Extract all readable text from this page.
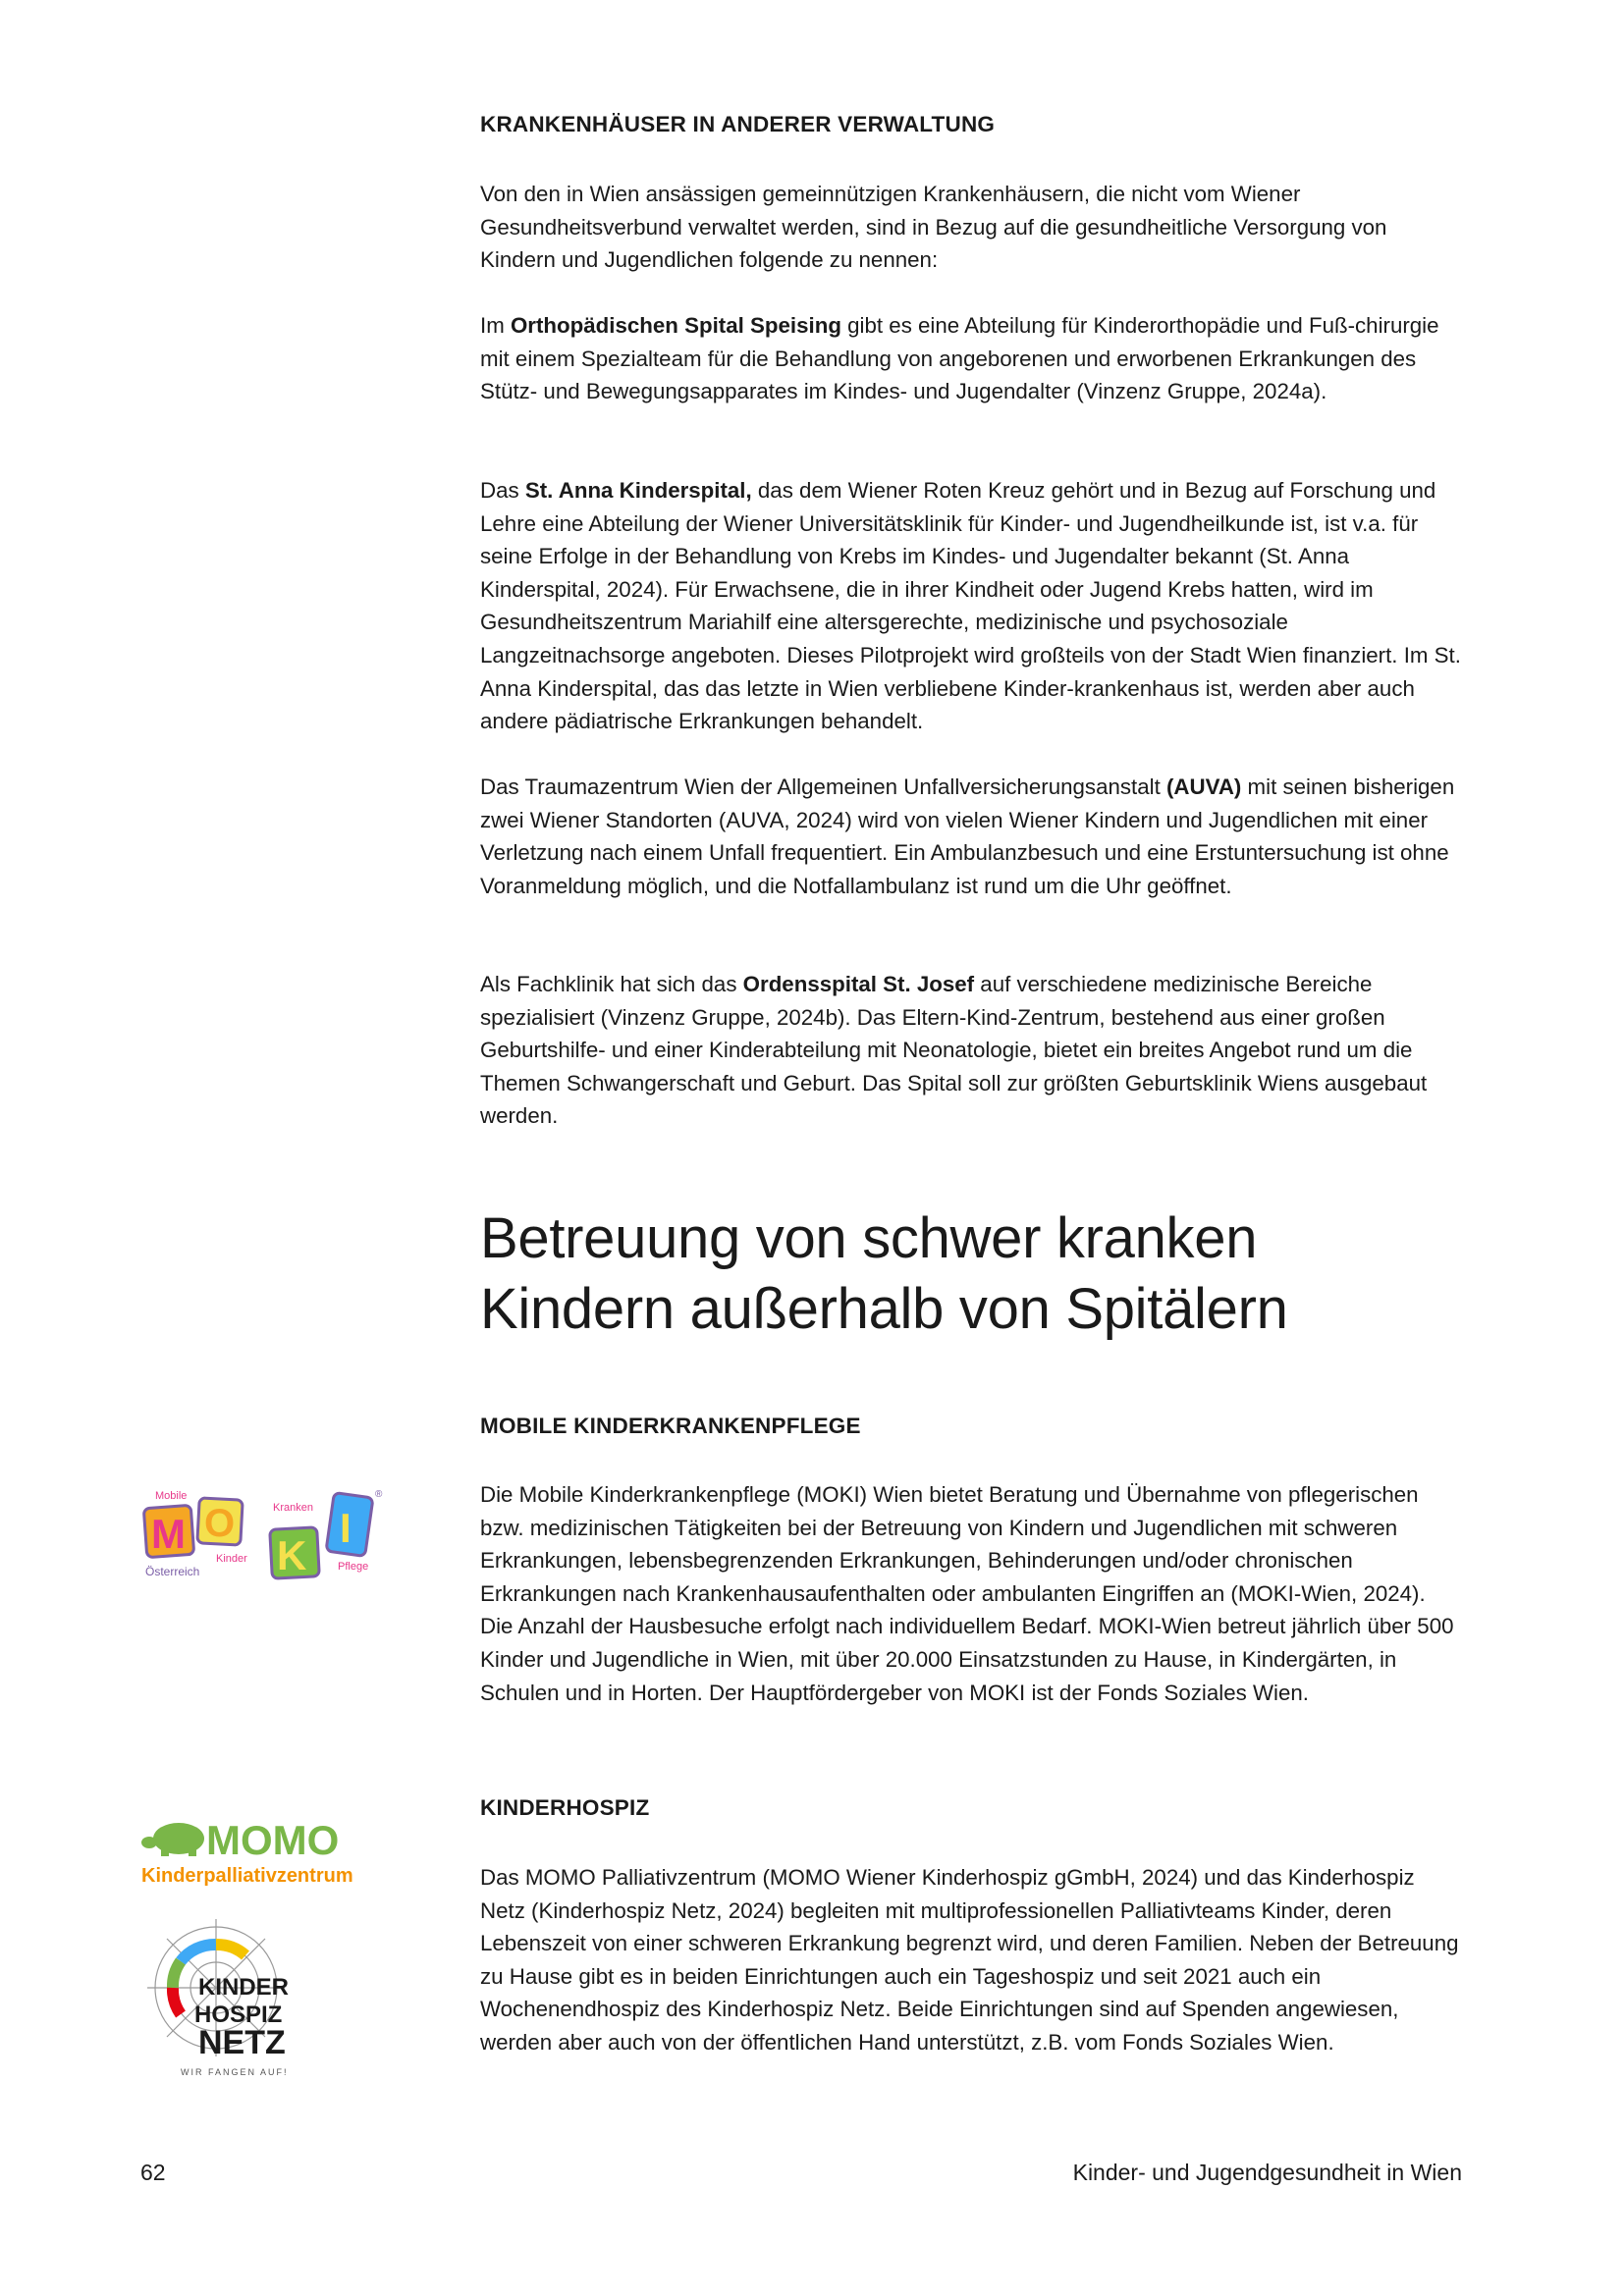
KRANKENHÄUSER IN ANDERER VERWALTUNG

Von den in Wien ansässigen gemeinnützigen Krankenhäusern, die nicht vom Wiener Gesundheitsverbund verwaltet werden, sind in Bezug auf die gesundheitliche Versorgung von Kindern und Jugendlichen folgende zu nennen:

Im Orthopädischen Spital Speising gibt es eine Abteilung für Kinderorthopädie und Fuß-chirurgie mit einem Spezialteam für die Behandlung von angeborenen und erworbenen Erkrankungen des Stütz- und Bewegungsapparates im Kindes- und Jugendalter (Vinzenz Gruppe, 2024a).

Das St. Anna Kinderspital, das dem Wiener Roten Kreuz gehört und in Bezug auf Forschung und Lehre eine Abteilung der Wiener Universitätsklinik für Kinder- und Jugendheilkunde ist, ist v.a. für seine Erfolge in der Behandlung von Krebs im Kindes- und Jugendalter bekannt (St. Anna Kinderspital, 2024). Für Erwachsene, die in ihrer Kindheit oder Jugend Krebs hatten, wird im Gesundheitszentrum Mariahilf eine altersgerechte, medizinische und psychosoziale Langzeitnachsorge angeboten. Dieses Pilotprojekt wird großteils von der Stadt Wien finanziert. Im St. Anna Kinderspital, das das letzte in Wien verbliebene Kinder-krankenhaus ist, werden aber auch andere pädiatrische Erkrankungen behandelt.

Das Traumazentrum Wien der Allgemeinen Unfallversicherungsanstalt (AUVA) mit seinen bisherigen zwei Wiener Standorten (AUVA, 2024) wird von vielen Wiener Kindern und Jugendlichen mit einer Verletzung nach einem Unfall frequentiert. Ein Ambulanzbesuch und eine Erstuntersuchung ist ohne Voranmeldung möglich, und die Notfallambulanz ist rund um die Uhr geöffnet.

Als Fachklinik hat sich das Ordensspital St. Josef auf verschiedene medizinische Bereiche spezialisiert (Vinzenz Gruppe, 2024b). Das Eltern-Kind-Zentrum, bestehend aus einer großen Geburtshilfe- und einer Kinderabteilung mit Neonatologie, bietet ein breites Angebot rund um die Themen Schwangerschaft und Geburt. Das Spital soll zur größten Geburtsklinik Wiens ausgebaut werden.

Betreuung von schwer kranken
Kindern außerhalb von Spitälern
MOBILE KINDERKRANKENPFLEGE

Die Mobile Kinderkrankenpflege (MOKI) Wien bietet Beratung und Übernahme von pflegerischen bzw. medizinischen Tätigkeiten bei der Betreuung von Kindern und Jugendlichen mit schweren Erkrankungen, lebensbegrenzenden Erkrankungen, Behinderungen und/oder chronischen Erkrankungen nach Krankenhausaufenthalten oder ambulanten Eingriffen an (MOKI-Wien, 2024). Die Anzahl der Hausbesuche erfolgt nach individuellem Bedarf. MOKI-Wien betreut jährlich über 500 Kinder und Jugendliche in Wien, mit über 20.000 Einsatzstunden zu Hause, in Kindergärten, in Schulen und in Horten. Der Hauptfördergeber von MOKI ist der Fonds Soziales Wien.

KINDERHOSPIZ

Das MOMO Palliativzentrum (MOMO Wiener Kinderhospiz gGmbH, 2024) und das Kinderhospiz Netz (Kinderhospiz Netz, 2024) begleiten mit multiprofessionellen Palliativteams Kinder, deren Lebenszeit von einer schweren Erkrankung begrenzt wird, und deren Familien. Neben der Betreuung zu Hause gibt es in beiden Einrichtungen auch ein Tageshospiz und seit 2021 auch ein Wochenendhospiz des Kinderhospiz Netz. Beide Einrichtungen sind auf Spenden angewiesen, werden aber auch von der öffentlichen Hand unterstützt, z.B. vom Fonds Soziales Wien.

Mobile
M O
Kinder
Kranken
K
I
®
Pflege
Österreich
MOMO
Kinderpalliativzentrum
KINDER
HOSPIZ
NETZ
WIR FANGEN AUF!
62	Kinder- und Jugendgesundheit in Wien
